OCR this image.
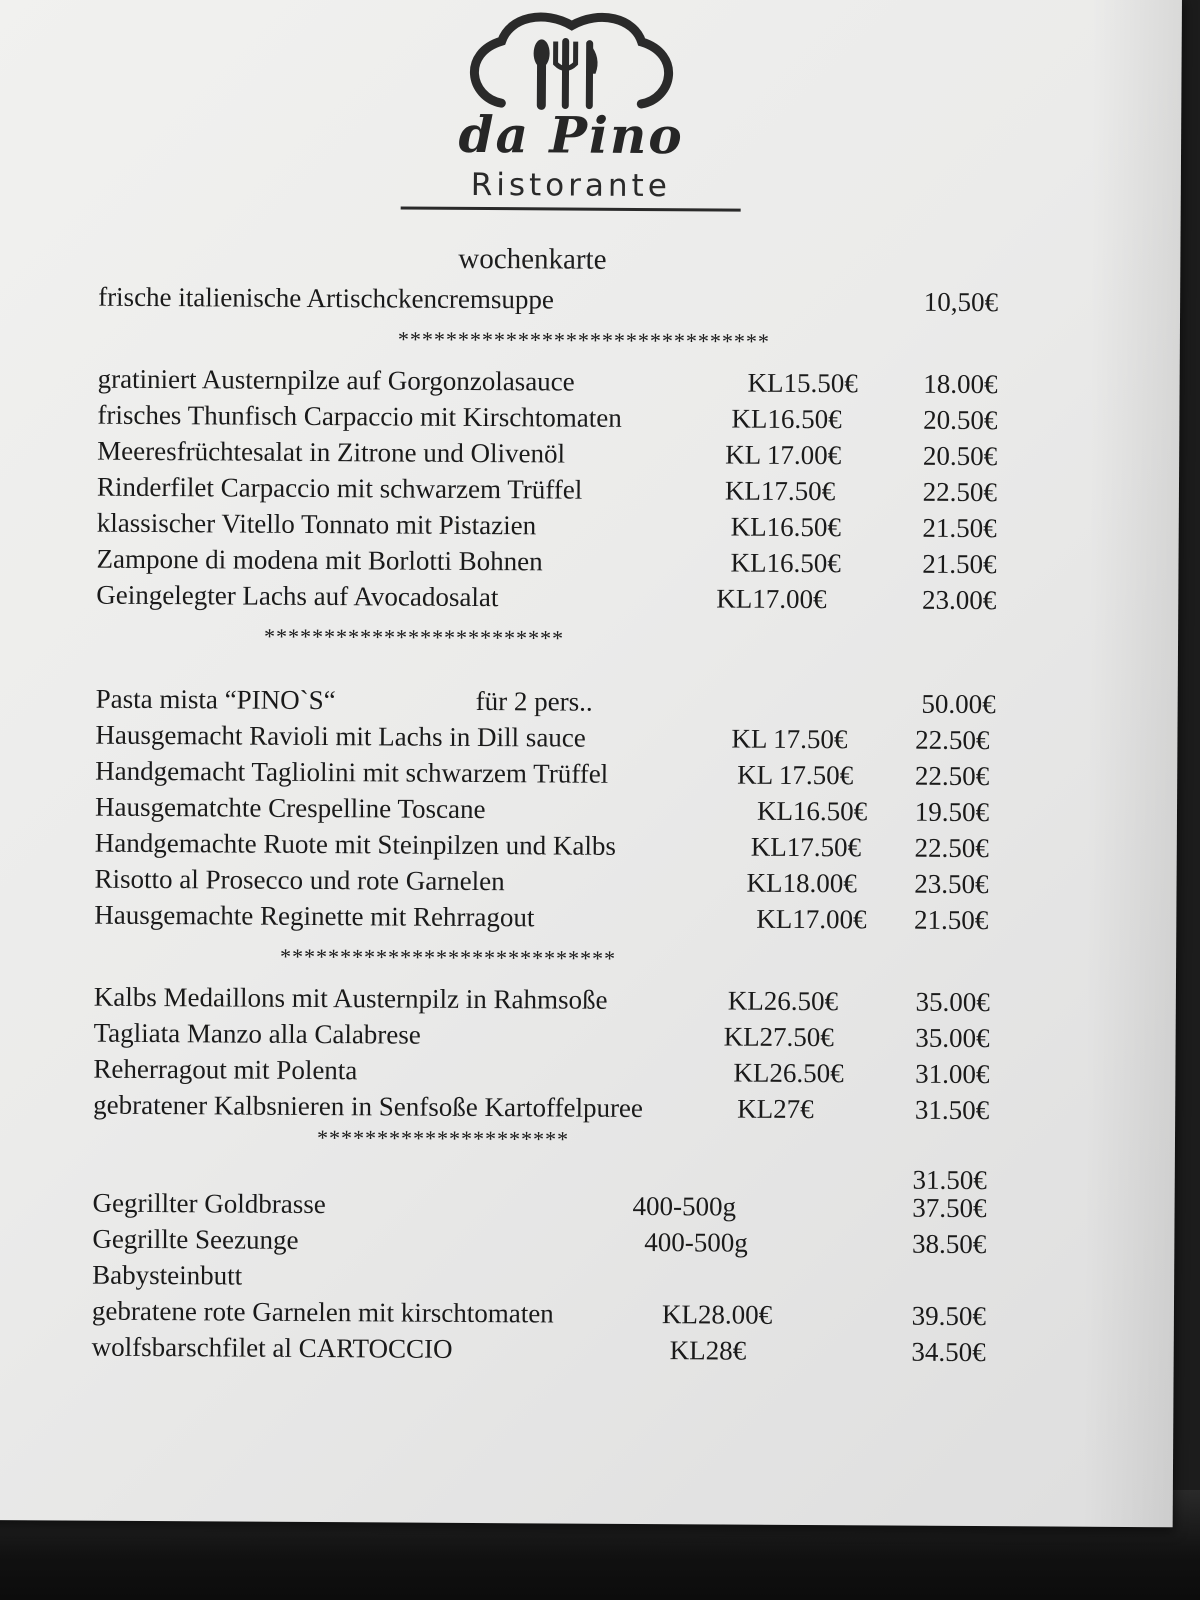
da Pino
Ristorante
wochenkarte
frische italienische Artischckencremsuppe	10,50€
*******************************
gratiniert Austernpilze auf Gorgonzolasauce	KL15.50€ 18.00€
frisches Thunfisch Carpaccio mit Kirschtomaten	KL16.50€	20.50€
Meeresfrüchtesalat in Zitrone und Olivenöl	KL 17.00€	20.50€
Rinderfilet Carpaccio mit schwarzem Trüffel	KL17.50€	22.50€
klassischer Vitello Tonnato mit Pistazien	KL16.50€	21.50€
Zampone di modena mit Borlotti Bohnen	KL16.50€	21.50€
Geingelegter Lachs auf Avocadosalat	KL17.00€	23.00€
*************************
Pasta mista “PINO`S“	für 2 pers..	50.00€
Hausgemacht Ravioli mit Lachs in Dill sauce	KL 17.50€	22.50€
Handgemacht Tagliolini mit schwarzem Trüffel	KL 17.50€ 22.50€
Hausgematchte Crespelline Toscane	KL16.50€ 19.50€
Handgemachte Ruote mit Steinpilzen und Kalbs	KL17.50€ 22.50€
Risotto al Prosecco und rote Garnelen	KL18.00€ 23.50€
Hausgemachte Reginette mit Rehrragout	KL17.00€ 21.50€
****************************
Kalbs Medaillons mit Austernpilz in Rahmsoße	KL26.50€	35.00€
Tagliata Manzo alla Calabrese	KL27.50€	35.00€
Reherragout mit Polenta	KL26.50€	31.00€
gebratener Kalbsnieren in Senfsoße Kartoffelpuree	KL27€	31.50€
*********************
31.50€
Gegrillter Goldbrasse	400-500g	37.50€
Gegrillte Seezunge	400-500g	38.50€
Babysteinbutt
gebratene rote Garnelen mit kirschtomaten	KL28.00€	39.50€
wolfsbarschfilet al CARTOCCIO	KL28€	34.50€
